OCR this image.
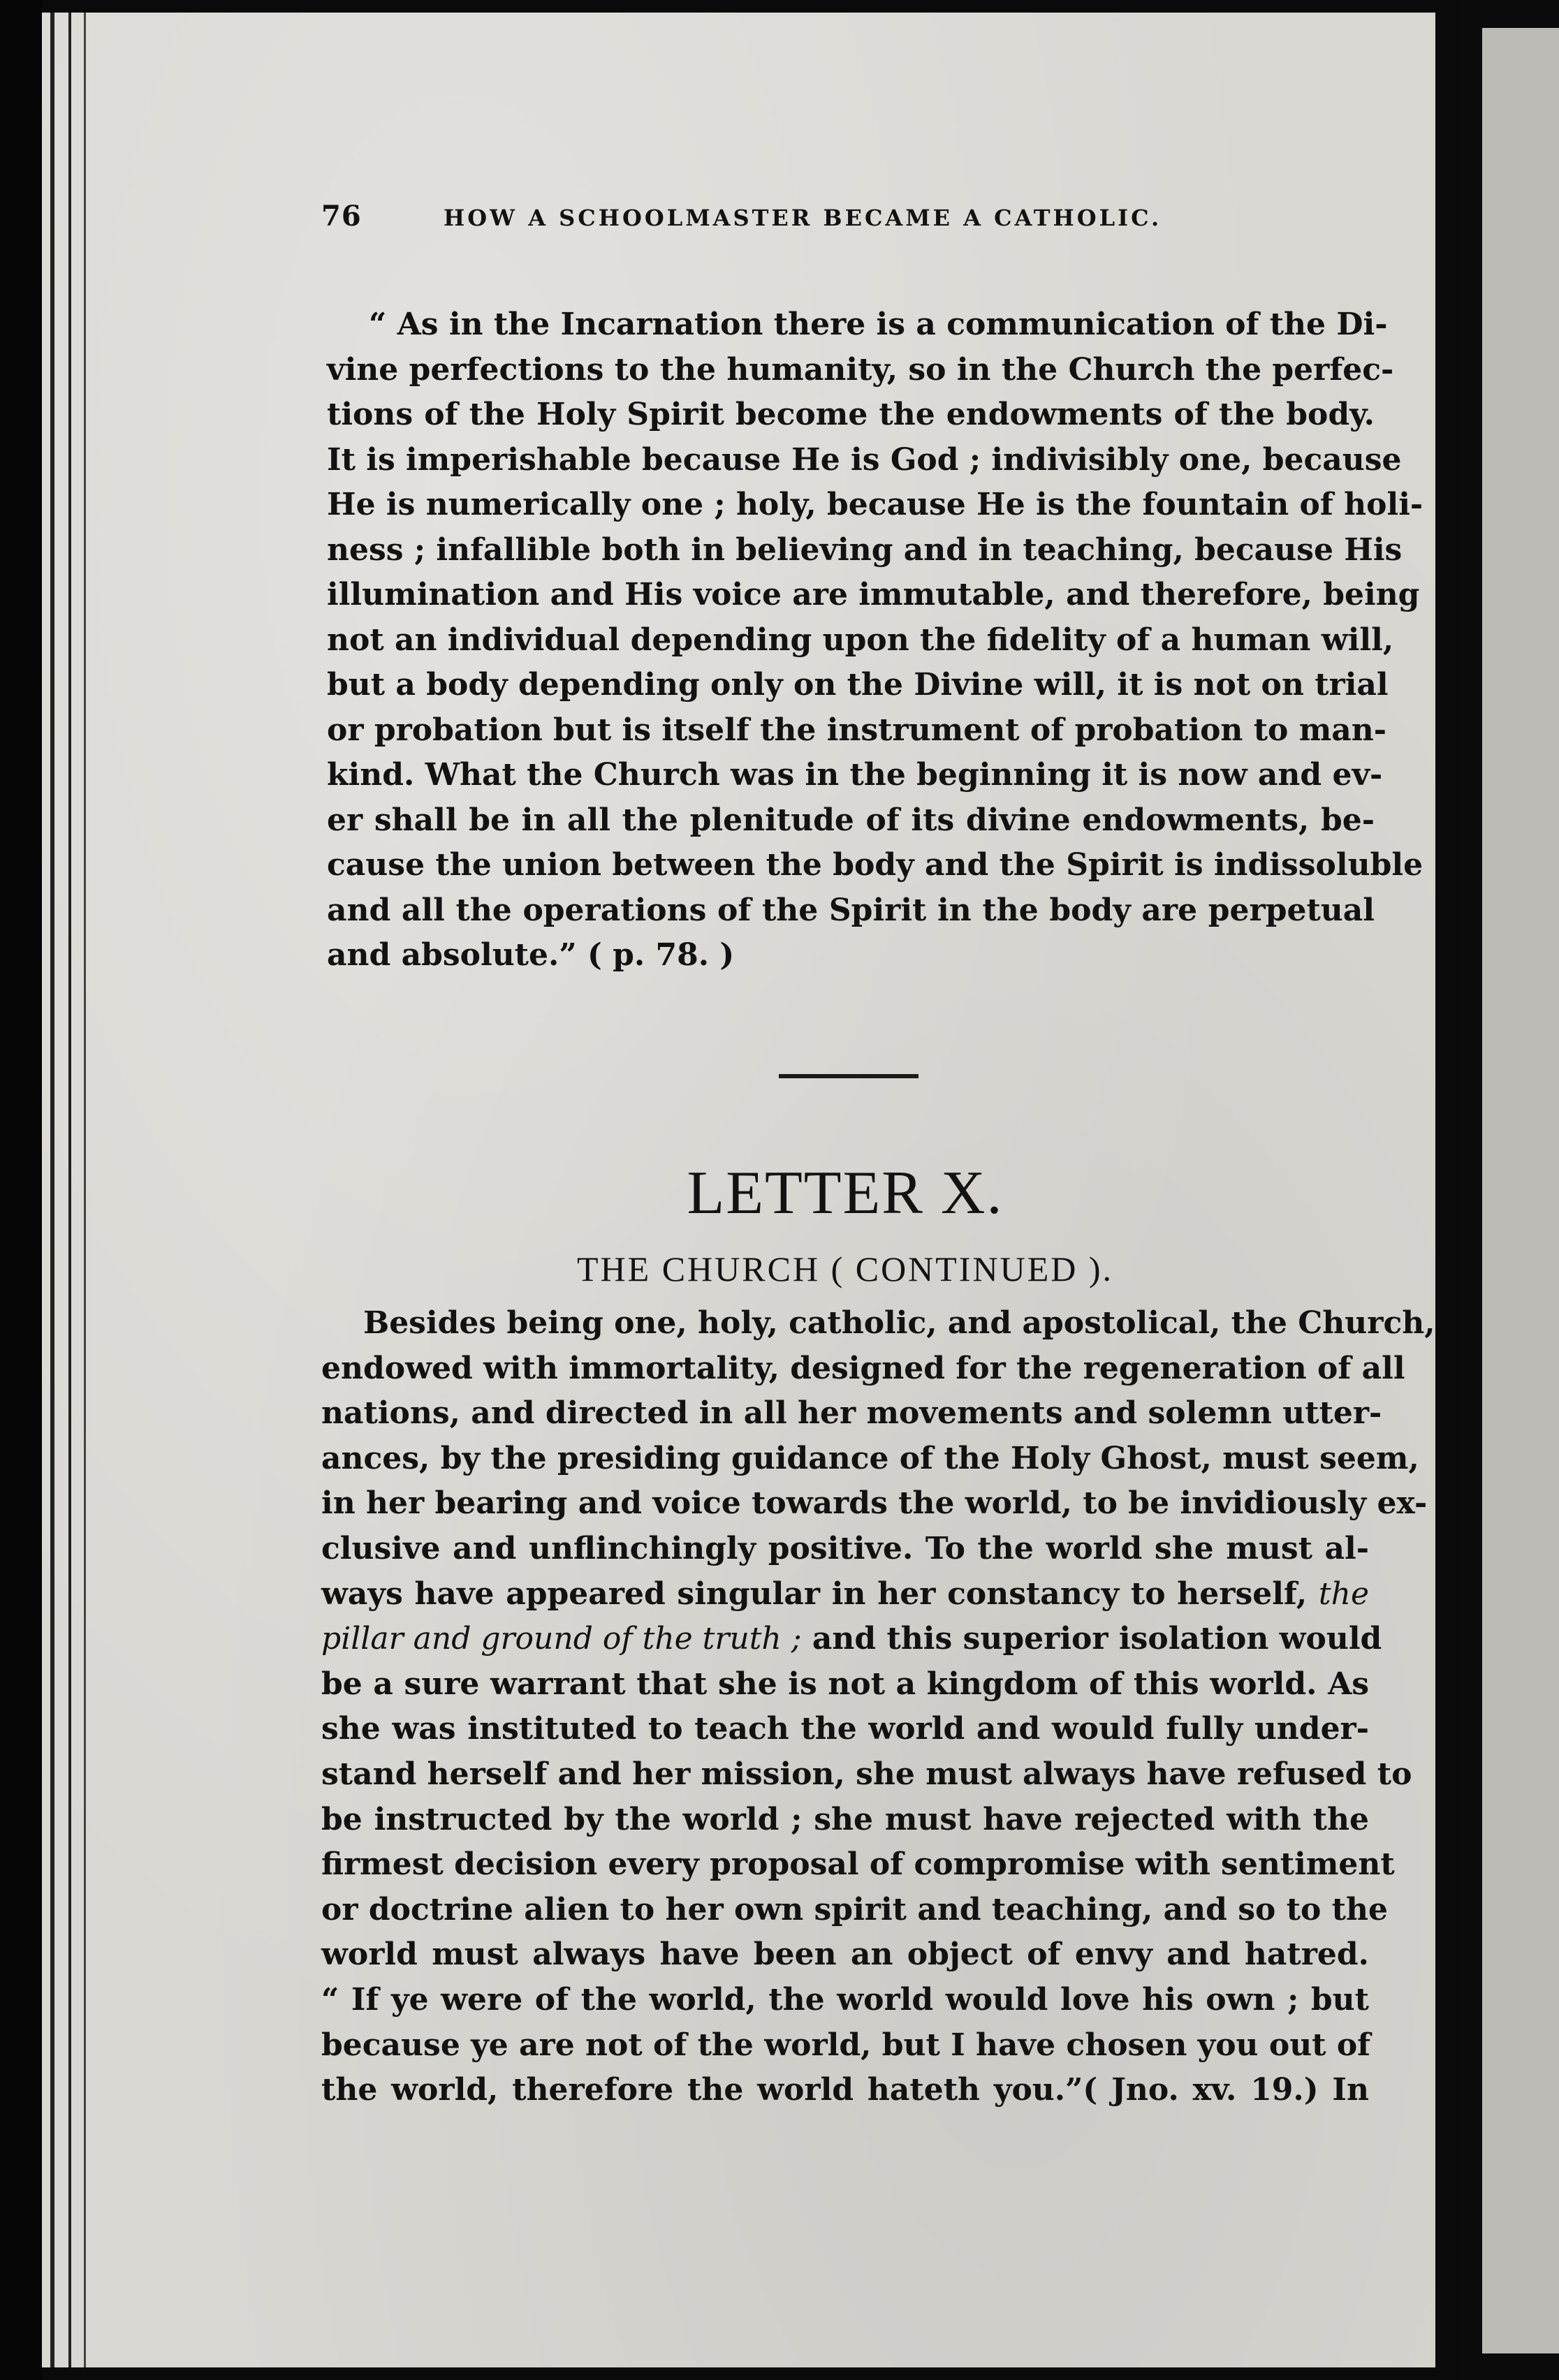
76	HOW A SCHOOLMASTER BECAME A CATHOLIC.
“ As in the Incarnation there is a communication of the Di-
vine perfections to the humanity, so in the Church the perfec-
tions of the Holy Spirit become the endowments of the body.
It is imperishable because He is God ; indivisibly one, because
He is numerically one ; holy, because He is the fountain of holi-
ness ; infallible both in believing and in teaching, because His
illumination and His voice are immutable, and therefore, being
not an individual depending upon the fidelity of a human will,
but a body depending only on the Divine will, it is not on trial
or probation but is itself the instrument of probation to man-
kind. What the Church was in the beginning it is now and ev-
er shall be in all the plenitude of its divine endowments, be-
cause the union between the body and the Spirit is indissoluble
and all the operations of the Spirit in the body are perpetual
and absolute.” ( p. 78. )
LETTER X.
THE CHURCH ( CONTINUED ).
Besides being one, holy, catholic, and apostolical, the Church,
endowed with immortality, designed for the regeneration of all
nations, and directed in all her movements and solemn utter-
ances, by the presiding guidance of the Holy Ghost, must seem,
in her bearing and voice towards the world, to be invidiously ex-
clusive and unflinchingly positive. To the world she must al-
ways have appeared singular in her constancy to herself, the
pillar and ground of the truth ; and this superior isolation would
be a sure warrant that she is not a kingdom of this world. As
she was instituted to teach the world and would fully under-
stand herself and her mission, she must always have refused to
be instructed by the world ; she must have rejected with the
firmest decision every proposal of compromise with sentiment
or doctrine alien to her own spirit and teaching, and so to the
world must always have been an object of envy and hatred.
“ If ye were of the world, the world would love his own ; but
because ye are not of the world, but I have chosen you out of
the world, therefore the world hateth you.”( Jno. xv. 19.) In
